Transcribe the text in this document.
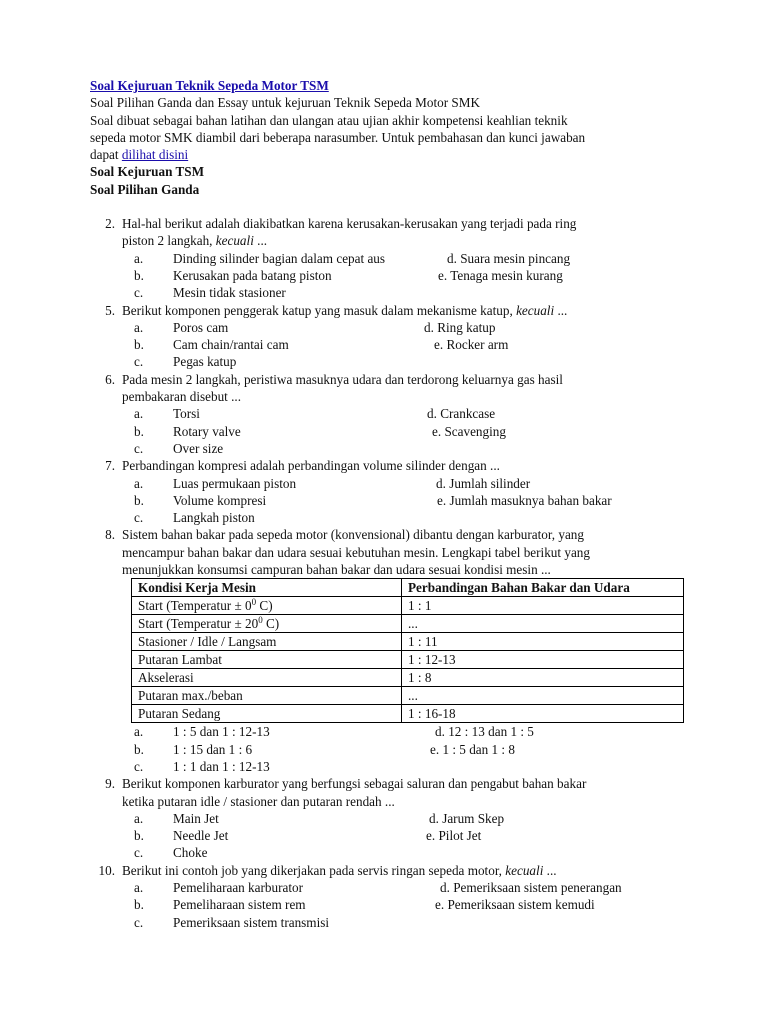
Soal Kejuruan Teknik Sepeda Motor TSM
Soal Pilihan Ganda dan Essay untuk kejuruan Teknik Sepeda Motor SMK
Soal dibuat sebagai bahan latihan dan ulangan atau ujian akhir kompetensi keahlian teknik
sepeda motor SMK diambil dari beberapa narasumber. Untuk pembahasan dan kunci jawaban
dapat dilihat disini
Soal Kejuruan TSM
Soal Pilihan Ganda
2. Hal-hal berikut adalah diakibatkan karena kerusakan-kerusakan yang terjadi pada ring
piston 2 langkah, kecuali ...
a. Dinding silinder bagian dalam cepat aus	d. Suara mesin pincang
b. Kerusakan pada batang piston	e. Tenaga mesin kurang
c. Mesin tidak stasioner
5. Berikut komponen penggerak katup yang masuk dalam mekanisme katup, kecuali ...
a. Poros cam	d. Ring katup
b. Cam chain/rantai cam	e. Rocker arm
c. Pegas katup
6. Pada mesin 2 langkah, peristiwa masuknya udara dan terdorong keluarnya gas hasil
pembakaran disebut ...
a. Torsi	d. Crankcase
b. Rotary valve	e. Scavenging
c. Over size
7. Perbandingan kompresi adalah perbandingan volume silinder dengan ...
a. Luas permukaan piston	d. Jumlah silinder
b. Volume kompresi	e. Jumlah masuknya bahan bakar
c. Langkah piston
8. Sistem bahan bakar pada sepeda motor (konvensional) dibantu dengan karburator, yang
mencampur bahan bakar dan udara sesuai kebutuhan mesin. Lengkapi tabel berikut yang
menunjukkan konsumsi campuran bahan bakar dan udara sesuai kondisi mesin ...
Kondisi Kerja Mesin	Perbandingan Bahan Bakar dan Udara
Start (Temperatur ± $0^0$ C)	1 : 1
Start (Temperatur ± $20^0$ C)	...
Stasioner / Idle / Langsam	1 : 11
Putaran Lambat	1 : 12-13
Akselerasi	1 : 8
Putaran max./beban	...
Putaran Sedang	1 : 16-18
a. 1 : 5 dan 1 : 12-13	d. 12 : 13 dan 1 : 5
b. 1 : 15 dan 1 : 6	e. 1 : 5 dan 1 : 8
c. 1 : 1 dan 1 : 12-13
9. Berikut komponen karburator yang berfungsi sebagai saluran dan pengabut bahan bakar
ketika putaran idle / stasioner dan putaran rendah ...
a. Main Jet	d. Jarum Skep
b. Needle Jet	e. Pilot Jet
c. Choke
10. Berikut ini contoh job yang dikerjakan pada servis ringan sepeda motor, kecuali ...
a. Pemeliharaan karburator	d. Pemeriksaan sistem penerangan
b. Pemeliharaan sistem rem	e. Pemeriksaan sistem kemudi
c. Pemeriksaan sistem transmisi
